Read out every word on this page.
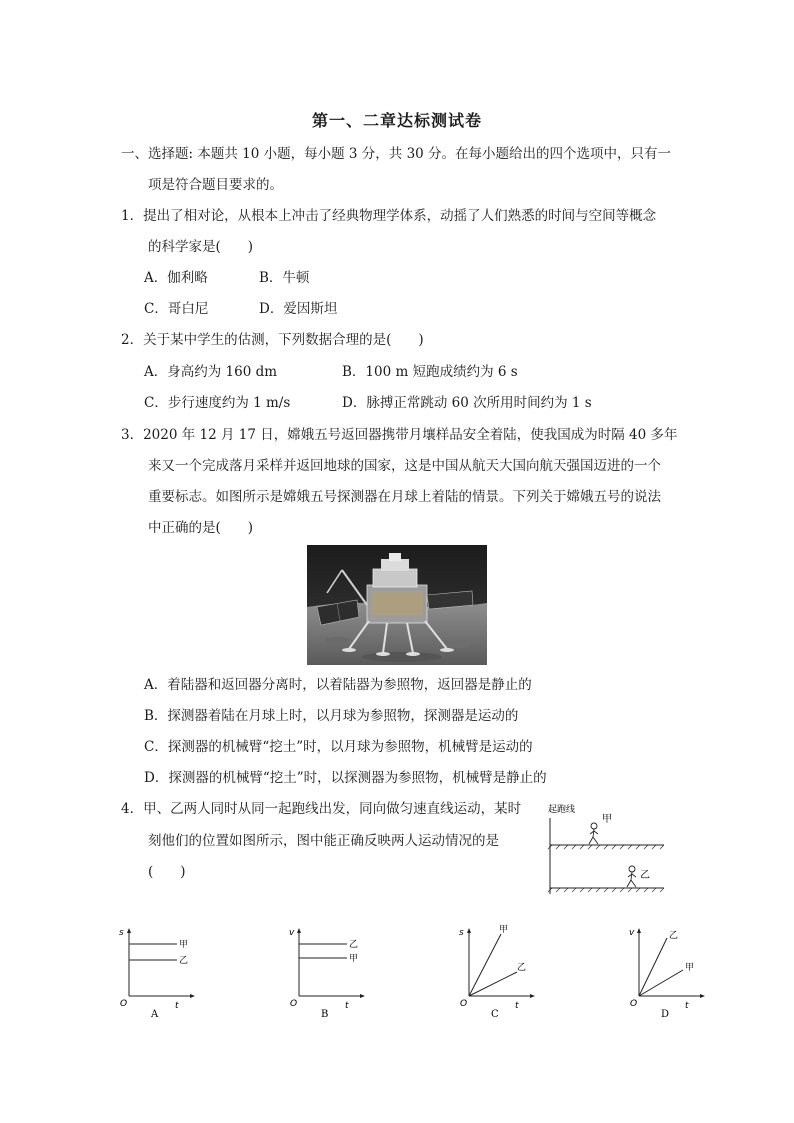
第一、二章达标测试卷
一、选择题: 本题共 10 小题，每小题 3 分，共 30 分。在每小题给出的四个选项中，只有一
项是符合题目要求的。
1．提出了相对论，从根本上冲击了经典物理学体系，动摇了人们熟悉的时间与空间等概念
的科学家是(　　)
A．伽利略	B．牛顿
C．哥白尼	D．爱因斯坦
2．关于某中学生的估测，下列数据合理的是(　　)
A．身高约为 160 dm	B．100 m 短跑成绩约为 6 s
C．步行速度约为 1 m/s	D．脉搏正常跳动 60 次所用时间约为 1 s
3．2020 年 12 月 17 日，嫦娥五号返回器携带月壤样品安全着陆，使我国成为时隔 40 多年
来又一个完成落月采样并返回地球的国家，这是中国从航天大国向航天强国迈进的一个
重要标志。如图所示是嫦娥五号探测器在月球上着陆的情景。下列关于嫦娥五号的说法
中正确的是(　　)
A．着陆器和返回器分离时，以着陆器为参照物，返回器是静止的
B．探测器着陆在月球上时，以月球为参照物，探测器是运动的
C．探测器的机械臂“挖土”时，以月球为参照物，机械臂是运动的
D．探测器的机械臂“挖土”时，以探测器为参照物，机械臂是静止的
4．甲、乙两人同时从同一起跑线出发，同向做匀速直线运动，某时
刻他们的位置如图所示，图中能正确反映两人运动情况的是
(　　)
起跑线
甲
乙
s
t
O
甲
乙
A
v
t
O
乙
甲
B
s
t
O
甲
乙
C
v
t
O
乙
甲
D
